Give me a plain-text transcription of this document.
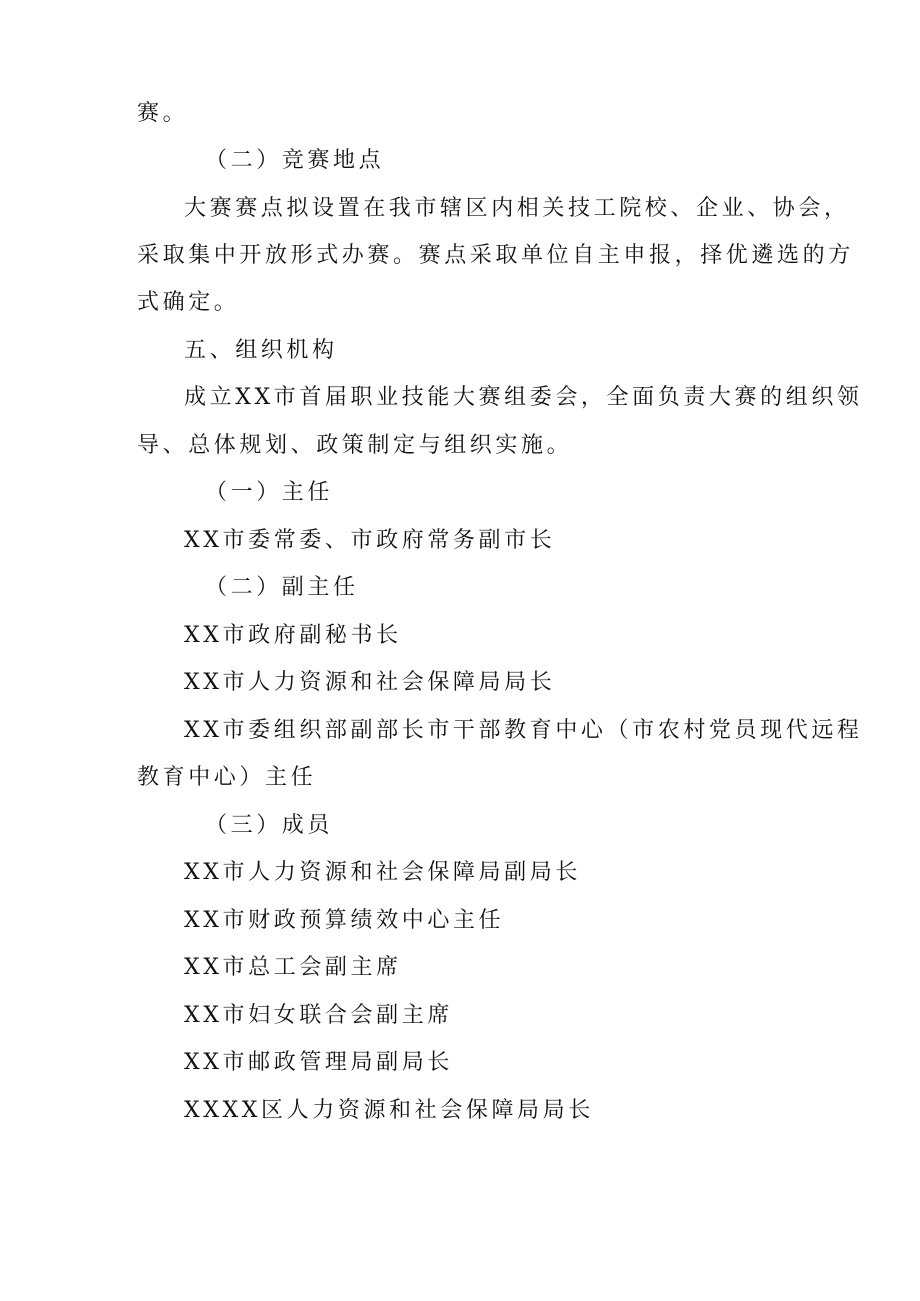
赛。
（二）竞赛地点
大赛赛点拟设置在我市辖区内相关技工院校、企业、协会，
采取集中开放形式办赛。赛点采取单位自主申报，择优遴选的方
式确定。
五、组织机构
成立XX市首届职业技能大赛组委会，全面负责大赛的组织领
导、总体规划、政策制定与组织实施。
（一）主任
XX市委常委、市政府常务副市长
（二）副主任
XX市政府副秘书长
XX市人力资源和社会保障局局长
XX市委组织部副部长市干部教育中心（市农村党员现代远程
教育中心）主任
（三）成员
XX市人力资源和社会保障局副局长
XX市财政预算绩效中心主任
XX市总工会副主席
XX市妇女联合会副主席
XX市邮政管理局副局长
XXXX区人力资源和社会保障局局长
